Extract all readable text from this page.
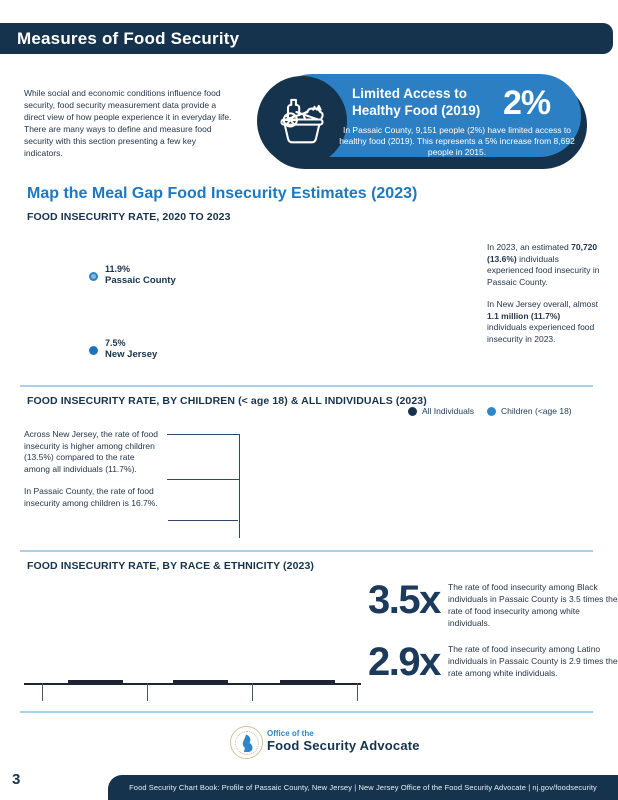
Measures of Food Security

While social and economic conditions influence food security, food security measurement data provide a direct view of how people experience it in everyday life. There are many ways to define and measure food security with this section presenting a few key indicators.

Limited Access to
Healthy Food (2019) 2%
In Passaic County, 9,151 people (2%) have limited access to healthy food (2019). This represents a 5% increase from 8,692 people in 2015.
Map the Meal Gap Food Insecurity Estimates (2023)
FOOD INSECURITY RATE, 2020 TO 2023
11.9%
Passaic County
7.5%
New Jersey

In 2023, an estimated 70,720 (13.6%) individuals experienced food insecurity in Passaic County.

In New Jersey overall, almost 1.1 million (11.7%) individuals experienced food insecurity in 2023.

FOOD INSECURITY RATE, BY CHILDREN (< age 18) & ALL INDIVIDUALS (2023)
All Individuals	Children (<age 18)

Across New Jersey, the rate of food insecurity is higher among children (13.5%) compared to the rate among all individuals (11.7%).

In Passaic County, the rate of food insecurity among children is 16.7%.

FOOD INSECURITY RATE, BY RACE & ETHNICITY (2023)
3.5x The rate of food insecurity among Black individuals in Passaic County is 3.5 times the rate of food insecurity among white individuals.

2.9x The rate of food insecurity among Latino individuals in Passaic County is 2.9 times the rate among white individuals.

Office of the
Food Security Advocate
3	Food Security Chart Book: Profile of Passaic County, New Jersey | New Jersey Office of the Food Security Advocate | nj.gov/foodsecurity
